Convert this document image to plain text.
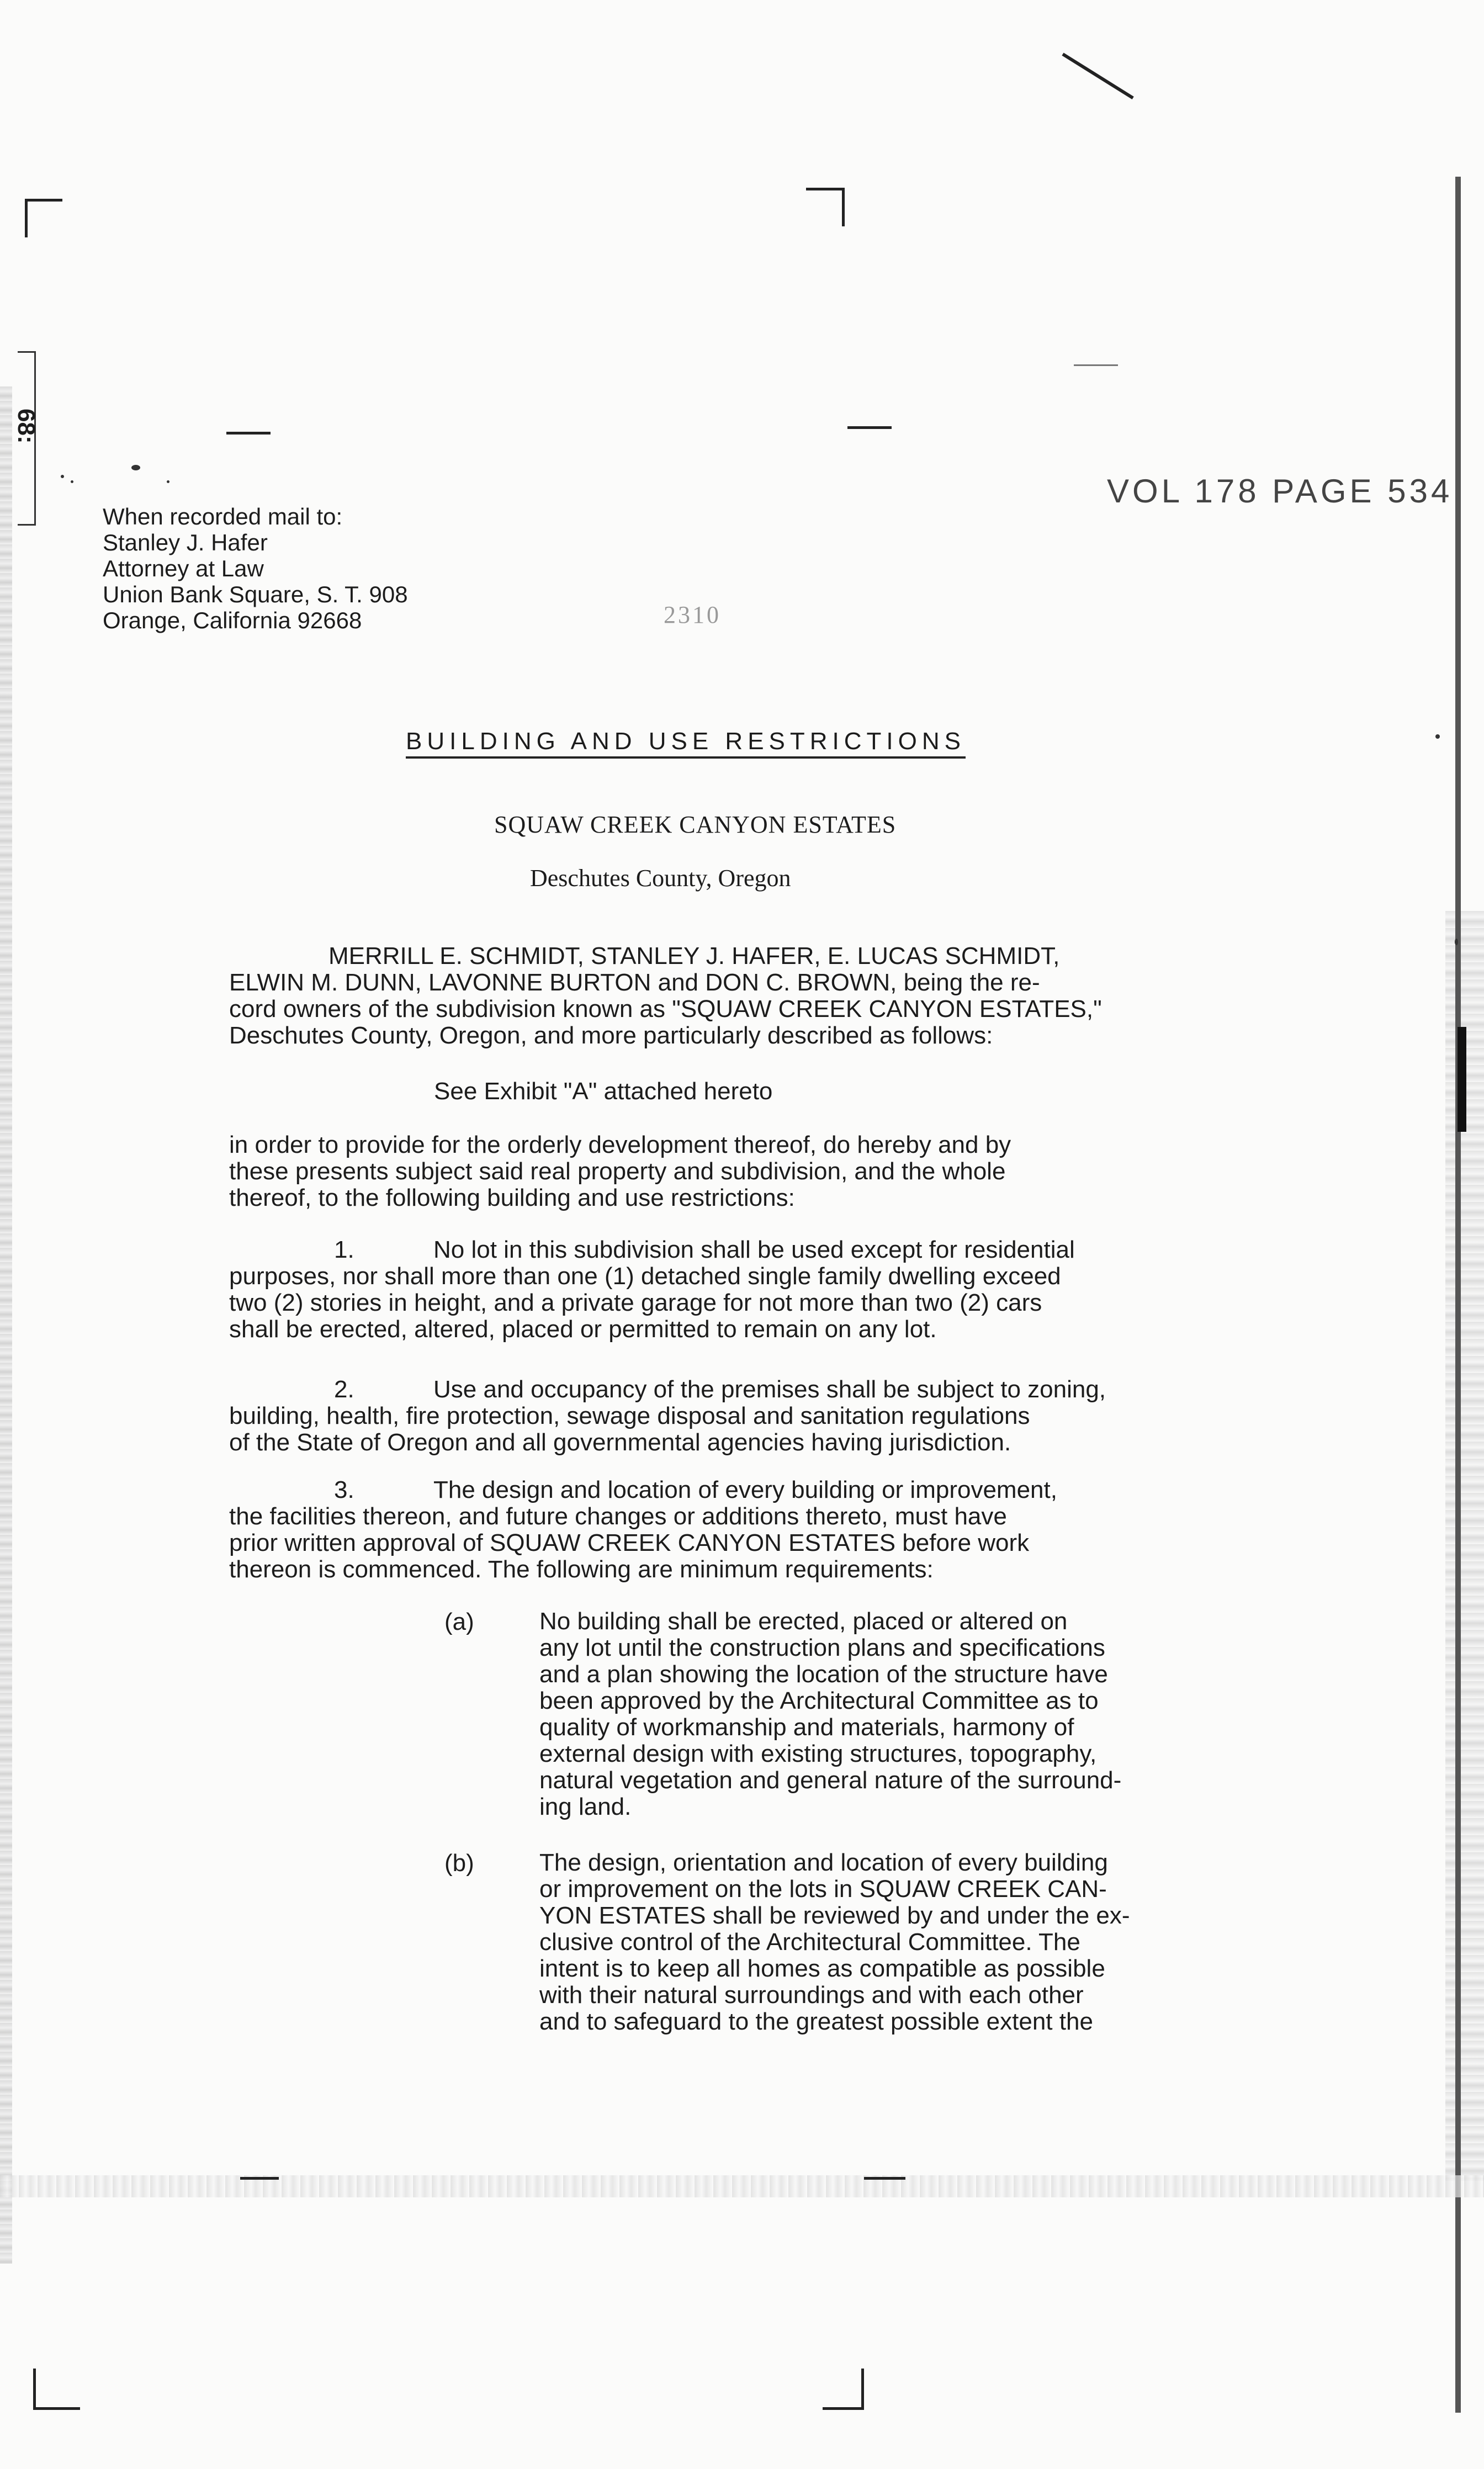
68:
VOL 178 PAGE 534
2310
When recorded mail to:
Stanley J. Hafer
Attorney at Law
Union Bank Square, S. T. 908
Orange, California 92668
BUILDING AND USE RESTRICTIONS
SQUAW CREEK CANYON ESTATES
Deschutes County, Oregon
MERRILL E. SCHMIDT, STANLEY J. HAFER, E. LUCAS SCHMIDT,
ELWIN M. DUNN, LAVONNE BURTON and DON C. BROWN, being the re-
cord owners of the subdivision known as "SQUAW CREEK CANYON ESTATES,"
Deschutes County, Oregon, and more particularly described as follows:
See Exhibit "A" attached hereto
in order to provide for the orderly development thereof, do hereby and by
these presents subject said real property and subdivision, and the whole
thereof, to the following building and use restrictions:
1.	No lot in this subdivision shall be used except for residential
purposes, nor shall more than one (1) detached single family dwelling exceed
two (2) stories in height, and a private garage for not more than two (2) cars
shall be erected, altered, placed or permitted to remain on any lot.
2.	Use and occupancy of the premises shall be subject to zoning,
building, health, fire protection, sewage disposal and sanitation regulations
of the State of Oregon and all governmental agencies having jurisdiction.
3.	The design and location of every building or improvement,
the facilities thereon, and future changes or additions thereto, must have
prior written approval of SQUAW CREEK CANYON ESTATES before work
thereon is commenced. The following are minimum requirements:
(a)	No building shall be erected, placed or altered on
any lot until the construction plans and specifications
and a plan showing the location of the structure have
been approved by the Architectural Committee as to
quality of workmanship and materials, harmony of
external design with existing structures, topography,
natural vegetation and general nature of the surround-
ing land.
(b)	The design, orientation and location of every building
or improvement on the lots in SQUAW CREEK CAN-
YON ESTATES shall be reviewed by and under the ex-
clusive control of the Architectural Committee. The
intent is to keep all homes as compatible as possible
with their natural surroundings and with each other
and to safeguard to the greatest possible extent the
